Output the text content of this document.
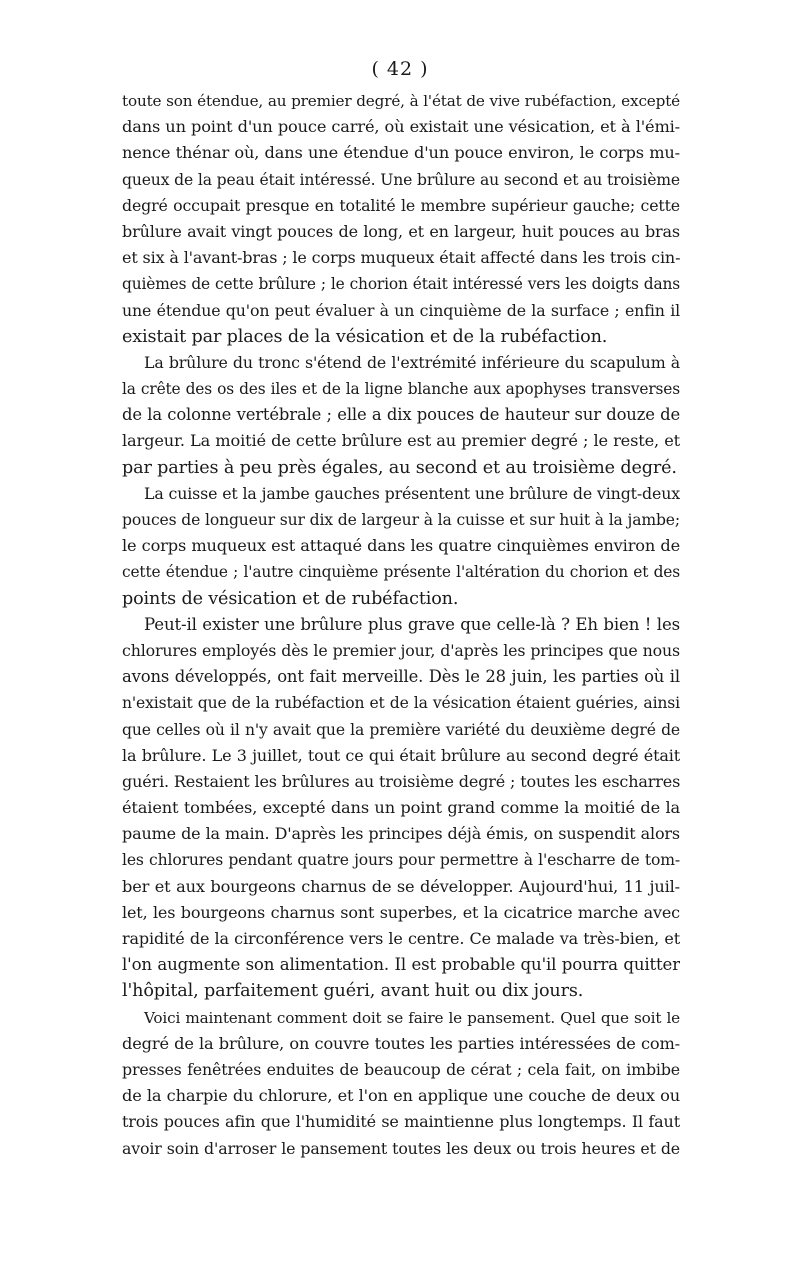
( 42 )
toute son étendue, au premier degré, à l'état de vive rubéfaction, excepté
dans un point d'un pouce carré, où existait une vésication, et à l'émi-
nence thénar où, dans une étendue d'un pouce environ, le corps mu-
queux de la peau était intéressé. Une brûlure au second et au troisième
degré occupait presque en totalité le membre supérieur gauche; cette
brûlure avait vingt pouces de long, et en largeur, huit pouces au bras
et six à l'avant-bras ; le corps muqueux était affecté dans les trois cin-
quièmes de cette brûlure ; le chorion était intéressé vers les doigts dans
une étendue qu'on peut évaluer à un cinquième de la surface ; enfin il
existait par places de la vésication et de la rubéfaction.
La brûlure du tronc s'étend de l'extrémité inférieure du scapulum à
la crête des os des iles et de la ligne blanche aux apophyses transverses
de la colonne vertébrale ; elle a dix pouces de hauteur sur douze de
largeur. La moitié de cette brûlure est au premier degré ; le reste, et
par parties à peu près égales, au second et au troisième degré.
La cuisse et la jambe gauches présentent une brûlure de vingt-deux
pouces de longueur sur dix de largeur à la cuisse et sur huit à la jambe;
le corps muqueux est attaqué dans les quatre cinquièmes environ de
cette étendue ; l'autre cinquième présente l'altération du chorion et des
points de vésication et de rubéfaction.
Peut-il exister une brûlure plus grave que celle-là ? Eh bien ! les
chlorures employés dès le premier jour, d'après les principes que nous
avons développés, ont fait merveille. Dès le 28 juin, les parties où il
n'existait que de la rubéfaction et de la vésication étaient guéries, ainsi
que celles où il n'y avait que la première variété du deuxième degré de
la brûlure. Le 3 juillet, tout ce qui était brûlure au second degré était
guéri. Restaient les brûlures au troisième degré ; toutes les escharres
étaient tombées, excepté dans un point grand comme la moitié de la
paume de la main. D'après les principes déjà émis, on suspendit alors
les chlorures pendant quatre jours pour permettre à l'escharre de tom-
ber et aux bourgeons charnus de se développer. Aujourd'hui, 11 juil-
let, les bourgeons charnus sont superbes, et la cicatrice marche avec
rapidité de la circonférence vers le centre. Ce malade va très-bien, et
l'on augmente son alimentation. Il est probable qu'il pourra quitter
l'hôpital, parfaitement guéri, avant huit ou dix jours.
Voici maintenant comment doit se faire le pansement. Quel que soit le
degré de la brûlure, on couvre toutes les parties intéressées de com-
presses fenêtrées enduites de beaucoup de cérat ; cela fait, on imbibe
de la charpie du chlorure, et l'on en applique une couche de deux ou
trois pouces afin que l'humidité se maintienne plus longtemps. Il faut
avoir soin d'arroser le pansement toutes les deux ou trois heures et de
